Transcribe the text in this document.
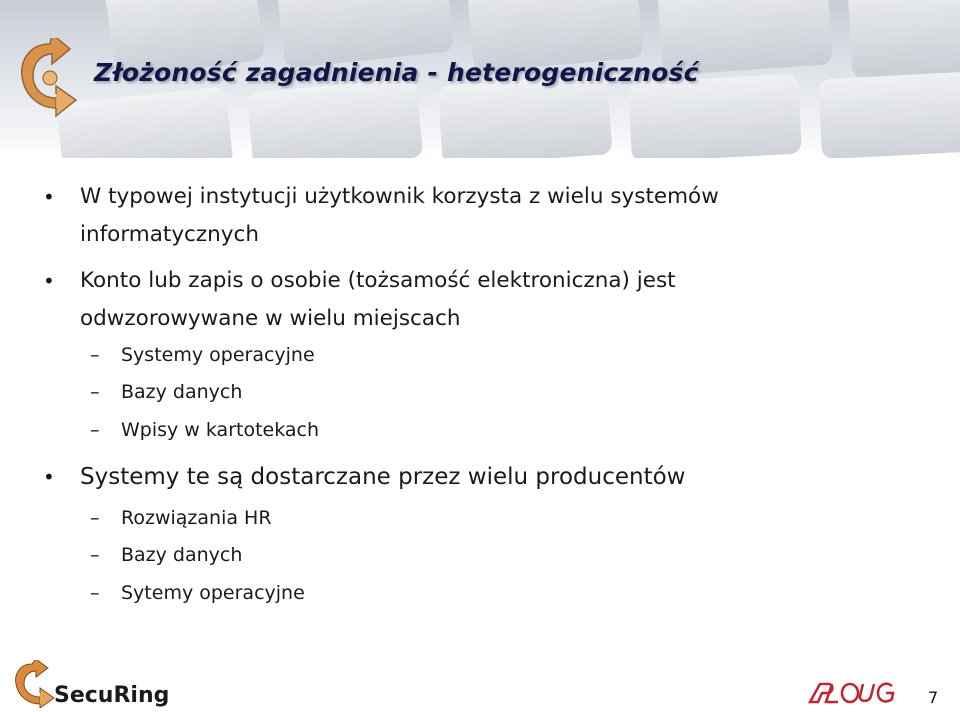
Złożoność zagadnienia - heterogeniczność
• W typowej instytucji użytkownik korzysta z wielu systemów
informatycznych
• Konto lub zapis o osobie (tożsamość elektroniczna) jest
odwzorowywane w wielu miejscach
– Systemy operacyjne
– Bazy danych
– Wpisy w kartotekach
• Systemy te są dostarczane przez wielu producentów
– Rozwiązania HR
– Bazy danych
– Sytemy operacyjne
SecuRing	7
